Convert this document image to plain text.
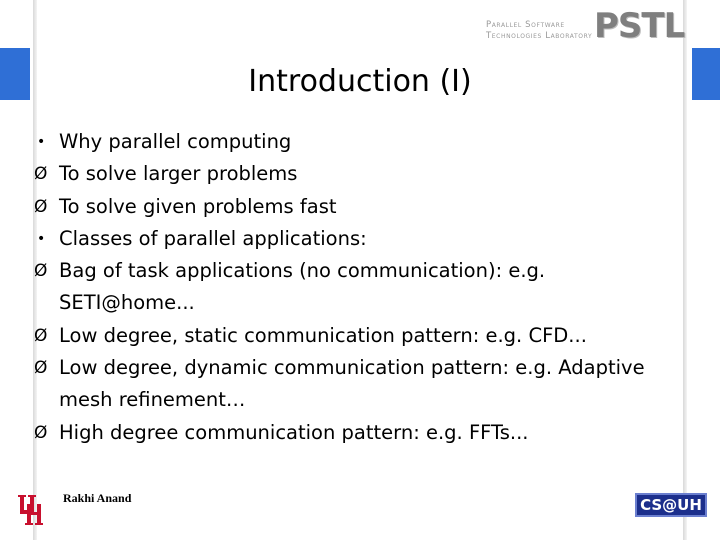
Parallel Software
Technologies Laboratory PSTL
Introduction (I)
• Why parallel computing
Ø To solve larger problems
Ø To solve given problems fast
• Classes of parallel applications:
Ø Bag of task applications (no communication): e.g. SETI@home...
Ø Low degree, static communication pattern: e.g. CFD...
Ø Low degree, dynamic communication pattern: e.g. Adaptive mesh refinement…
Ø High degree communication pattern: e.g. FFTs...
Rakhi Anand	CS@UH
